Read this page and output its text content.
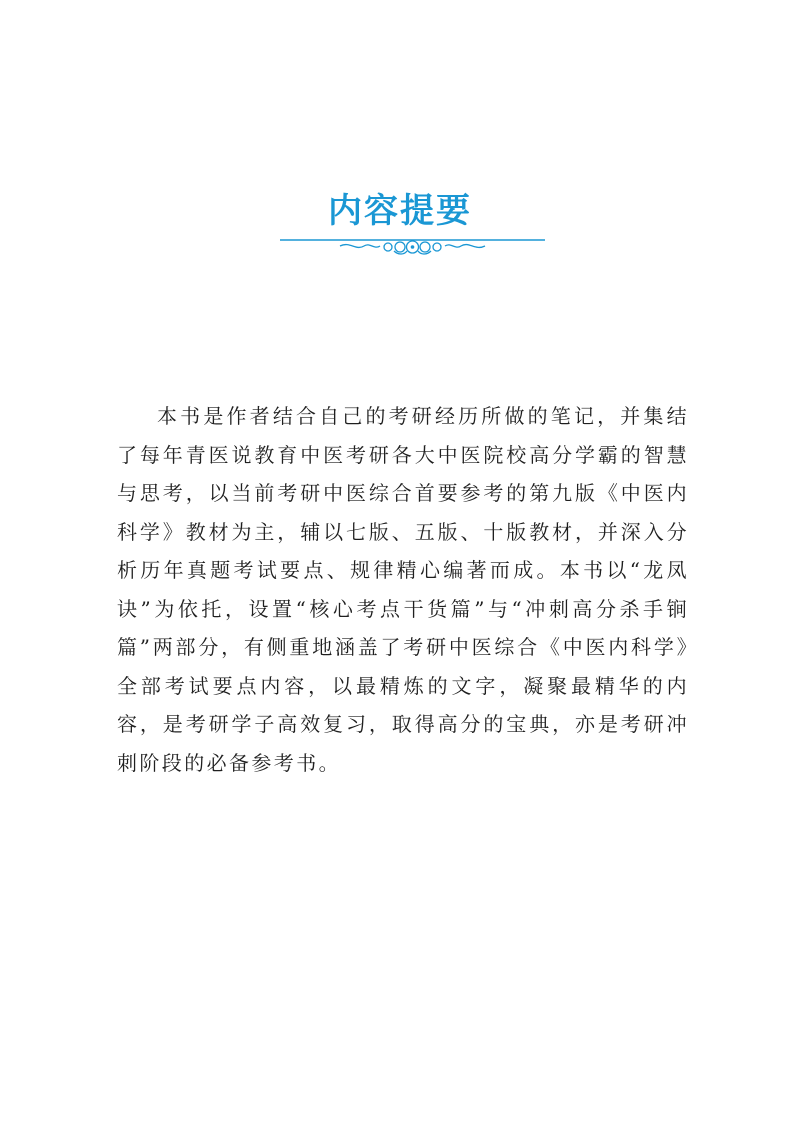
内容提要

本书是作者结合自己的考研经历所做的笔记，并集结了每年青医说教育中医考研各大中医院校高分学霸的智慧与思考，以当前考研中医综合首要参考的第九版《中医内科学》教材为主，辅以七版、五版、十版教材，并深入分析历年真题考试要点、规律精心编著而成。本书以“龙凤诀”为依托，设置“核心考点干货篇”与“冲刺高分杀手锏篇”两部分，有侧重地涵盖了考研中医综合《中医内科学》全部考试要点内容，以最精炼的文字，凝聚最精华的内容，是考研学子高效复习，取得高分的宝典，亦是考研冲刺阶段的必备参考书。
